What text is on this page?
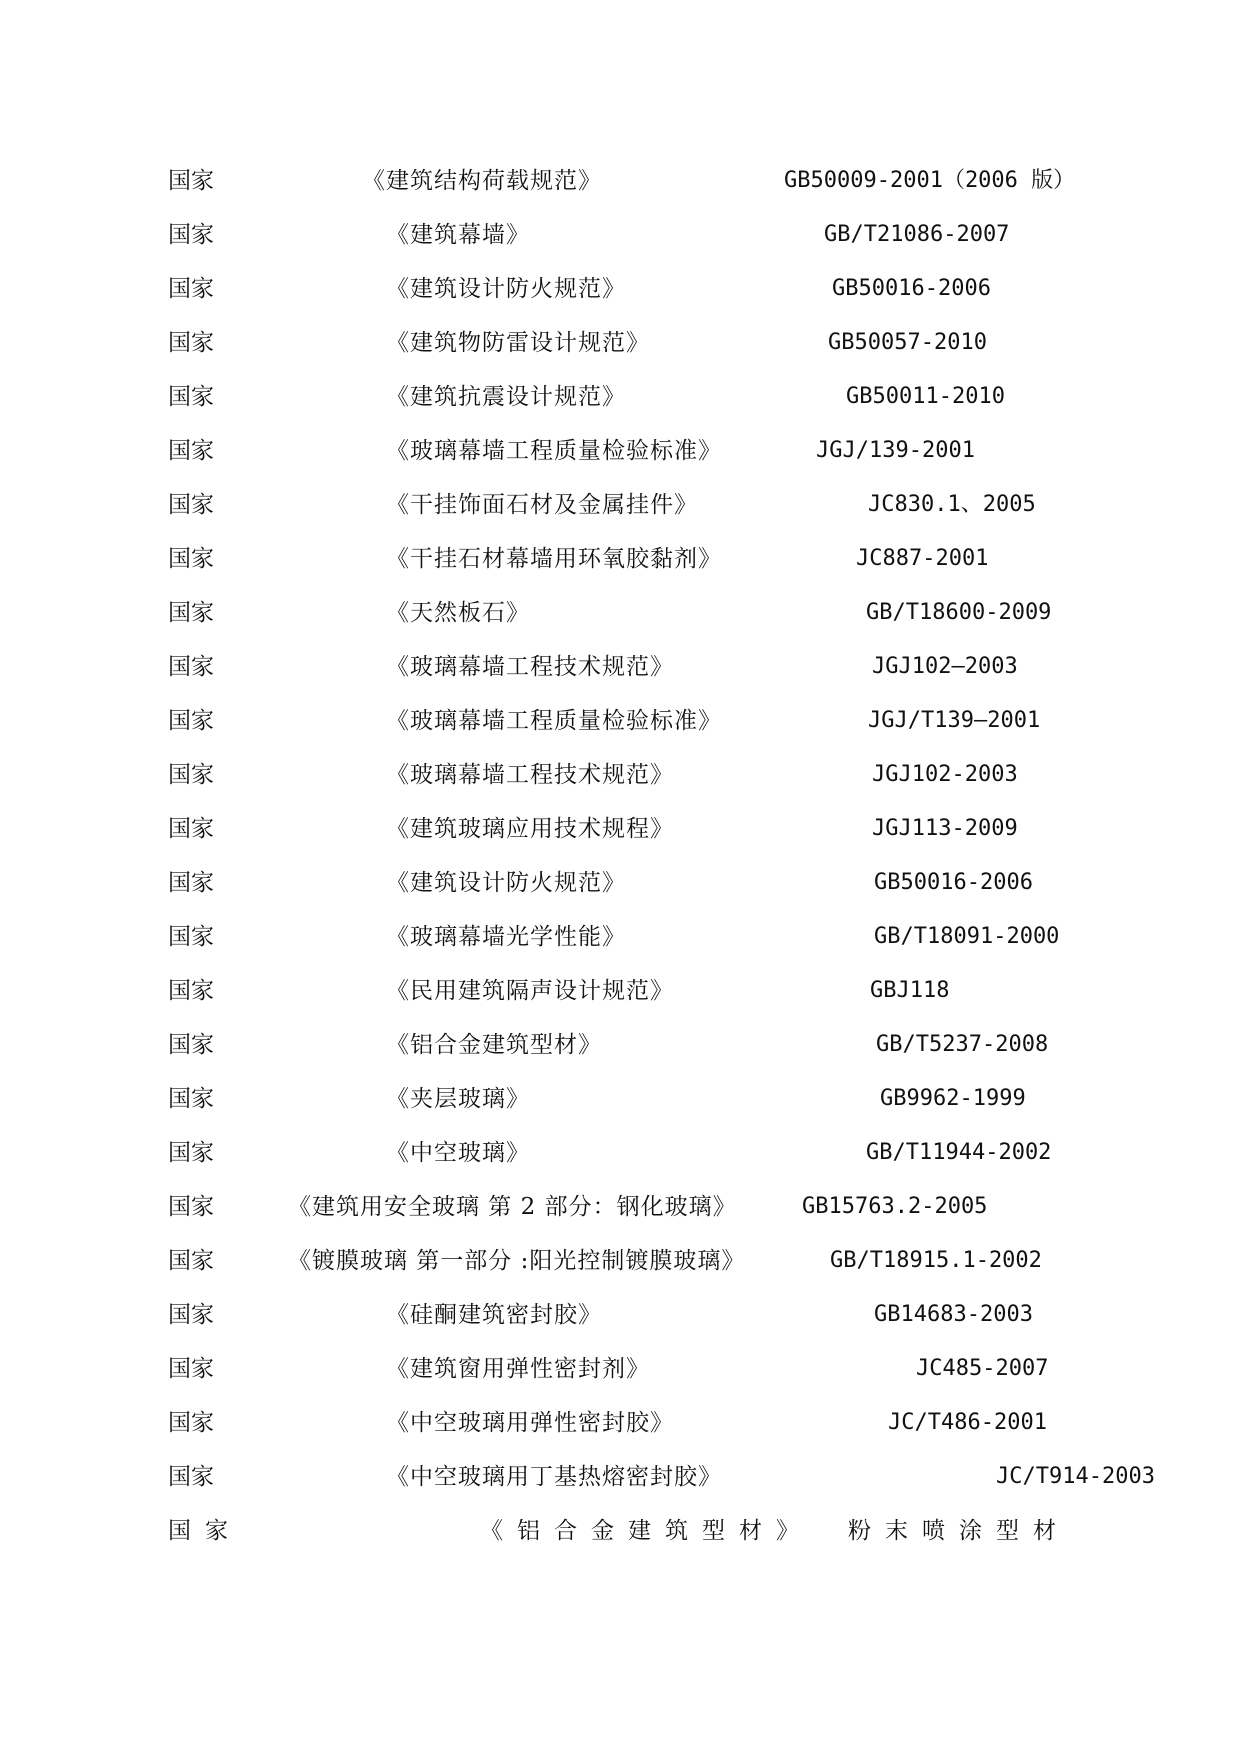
国家	《建筑结构荷载规范》	GB50009-2001（2006 版）
国家	《建筑幕墙》	GB/T21086-2007
国家	《建筑设计防火规范》	GB50016-2006
国家	《建筑物防雷设计规范》	GB50057-2010
国家	《建筑抗震设计规范》	GB50011-2010
国家	《玻璃幕墙工程质量检验标准》	JGJ/139-2001
国家	《干挂饰面石材及金属挂件》	JC830.1、2005
国家	《干挂石材幕墙用环氧胶黏剂》	JC887-2001
国家	《天然板石》	GB/T18600-2009
国家	《玻璃幕墙工程技术规范》	JGJ102—2003
国家	《玻璃幕墙工程质量检验标准》	JGJ/T139—2001
国家	《玻璃幕墙工程技术规范》	JGJ102-2003
国家	《建筑玻璃应用技术规程》	JGJ113-2009
国家	《建筑设计防火规范》	GB50016-2006
国家	《玻璃幕墙光学性能》	GB/T18091-2000
国家	《民用建筑隔声设计规范》	GBJ118
国家	《铝合金建筑型材》	GB/T5237-2008
国家	《夹层玻璃》	GB9962-1999
国家	《中空玻璃》	GB/T11944-2002
国家	《建筑用安全玻璃 第 2 部分：钢化玻璃》	GB15763.2-2005
国家	《镀膜玻璃 第一部分 :阳光控制镀膜玻璃》	GB/T18915.1-2002
国家	《硅酮建筑密封胶》	GB14683-2003
国家	《建筑窗用弹性密封剂》	JC485-2007
国家	《中空玻璃用弹性密封胶》	JC/T486-2001
国家	《中空玻璃用丁基热熔密封胶》	JC/T914-2003
国家	《铝合金建筑型材》 粉末喷涂型材
